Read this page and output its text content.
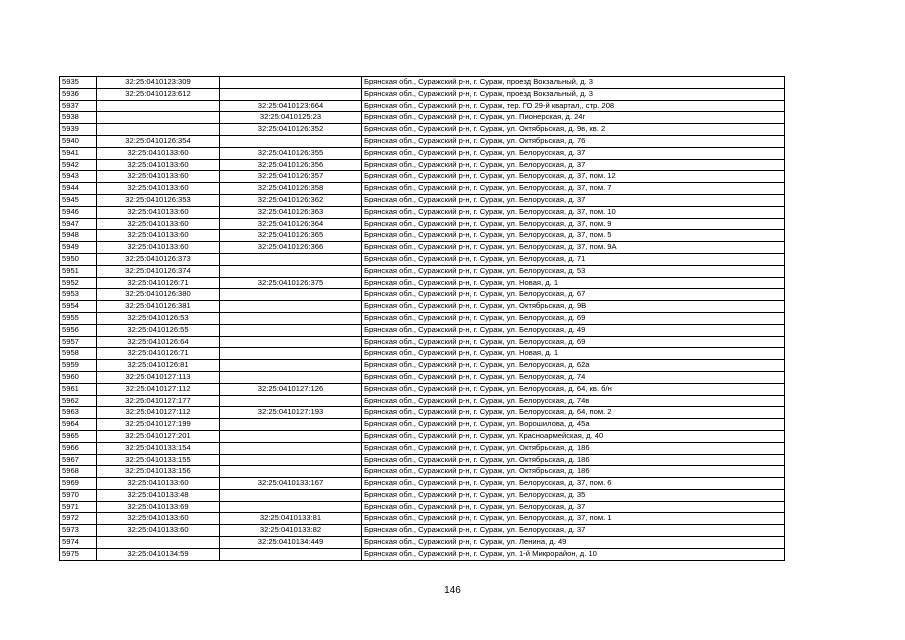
5935	32:25:0410123:309		Брянская обл., Суражский р-н, г. Сураж, проезд Вокзальный, д. 3
5936	32:25:0410123:612		Брянская обл., Суражский р-н, г. Сураж, проезд Вокзальный, д. 3
5937		32:25:0410123:664	Брянская обл., Суражский р-н, г. Сураж, тер. ГО 29-й квартал,, стр. 208
5938		32:25:0410125:23	Брянская обл., Суражский р-н, г. Сураж, ул. Пионерская, д. 24г
5939		32:25:0410126:352	Брянская обл., Суражский р-н, г. Сураж, ул. Октябрьская, д. 9в, кв. 2
5940	32:25:0410126:354		Брянская обл., Суражский р-н, г. Сураж, ул. Октябрьская, д. 76
5941	32:25:0410133:60	32:25:0410126:355	Брянская обл., Суражский р-н, г. Сураж, ул. Белорусская, д. 37
5942	32:25:0410133:60	32:25:0410126:356	Брянская обл., Суражский р-н, г. Сураж, ул. Белорусская, д. 37
5943	32:25:0410133:60	32:25:0410126:357	Брянская обл., Суражский р-н, г. Сураж, ул. Белорусская, д. 37, пом. 12
5944	32:25:0410133:60	32:25:0410126:358	Брянская обл., Суражский р-н, г. Сураж, ул. Белорусская, д. 37, пом. 7
5945	32:25:0410126:353	32:25:0410126:362	Брянская обл., Суражский р-н, г. Сураж, ул. Белорусская, д. 37
5946	32:25:0410133:60	32:25:0410126:363	Брянская обл., Суражский р-н, г. Сураж, ул. Белорусская, д. 37, пом. 10
5947	32:25:0410133:60	32:25:0410126:364	Брянская обл., Суражский р-н, г. Сураж, ул. Белорусская, д. 37, пом. 9
5948	32:25:0410133:60	32:25:0410126:365	Брянская обл., Суражский р-н, г. Сураж, ул. Белорусская, д. 37, пом. 5
5949	32:25:0410133:60	32:25:0410126:366	Брянская обл., Суражский р-н, г. Сураж, ул. Белорусская, д. 37, пом. 9А
5950	32:25:0410126:373		Брянская обл., Суражский р-н, г. Сураж, ул. Белорусская, д. 71
5951	32:25:0410126:374		Брянская обл., Суражский р-н, г. Сураж, ул. Белорусская, д. 53
5952	32:25:0410126:71	32:25:0410126:375	Брянская обл., Суражский р-н, г. Сураж, ул. Новая, д. 1
5953	32:25:0410126:380		Брянская обл., Суражский р-н, г. Сураж, ул. Белорусская, д. 67
5954	32:25:0410126:381		Брянская обл., Суражский р-н, г. Сураж, ул. Октябрьская, д. 9В
5955	32:25:0410126:53		Брянская обл., Суражский р-н, г. Сураж, ул. Белорусская, д. 69
5956	32:25:0410126:55		Брянская обл., Суражский р-н, г. Сураж, ул. Белорусская, д. 49
5957	32:25:0410126:64		Брянская обл., Суражский р-н, г. Сураж, ул. Белорусская, д. 69
5958	32:25:0410126:71		Брянская обл., Суражский р-н, г. Сураж, ул. Новая, д. 1
5959	32:25:0410126:81		Брянская обл., Суражский р-н, г. Сураж, ул. Белорусская, д. 62а
5960	32:25:0410127:113		Брянская обл., Суражский р-н, г. Сураж, ул. Белорусская, д. 74
5961	32:25:0410127:112	32:25:0410127:126	Брянская обл., Суражский р-н, г. Сураж, ул. Белорусская, д. 64, кв. б/н
5962	32:25:0410127:177		Брянская обл., Суражский р-н, г. Сураж, ул. Белорусская, д. 74в
5963	32:25:0410127:112	32:25:0410127:193	Брянская обл., Суражский р-н, г. Сураж, ул. Белорусская, д. 64, пом. 2
5964	32:25:0410127:199		Брянская обл., Суражский р-н, г. Сураж, ул. Ворошилова, д. 45а
5965	32:25:0410127:201		Брянская обл., Суражский р-н, г. Сураж, ул. Красноармейская, д. 40
5966	32:25:0410133:154		Брянская обл., Суражский р-н, г. Сураж, ул. Октябрьская, д. 186
5967	32:25:0410133:155		Брянская обл., Суражский р-н, г. Сураж, ул. Октябрьская, д. 186
5968	32:25:0410133:156		Брянская обл., Суражский р-н, г. Сураж, ул. Октябрьская, д. 186
5969	32:25:0410133:60	32:25:0410133:167	Брянская обл., Суражский р-н, г. Сураж, ул. Белорусская, д. 37, пом. 6
5970	32:25:0410133:48		Брянская обл., Суражский р-н, г. Сураж, ул. Белорусская, д. 35
5971	32:25:0410133:69		Брянская обл., Суражский р-н, г. Сураж, ул. Белорусская, д. 37
5972	32:25:0410133:60	32:25:0410133:81	Брянская обл., Суражский р-н, г. Сураж, ул. Белорусская, д. 37, пом. 1
5973	32:25:0410133:60	32:25:0410133:82	Брянская обл., Суражский р-н, г. Сураж, ул. Белорусская, д. 37
5974		32:25:0410134:449	Брянская обл., Суражский р-н, г. Сураж, ул. Ленина, д. 49
5975	32:25:0410134:59		Брянская обл., Суражский р-н, г. Сураж, ул. 1-й Микрорайон, д. 10
146
